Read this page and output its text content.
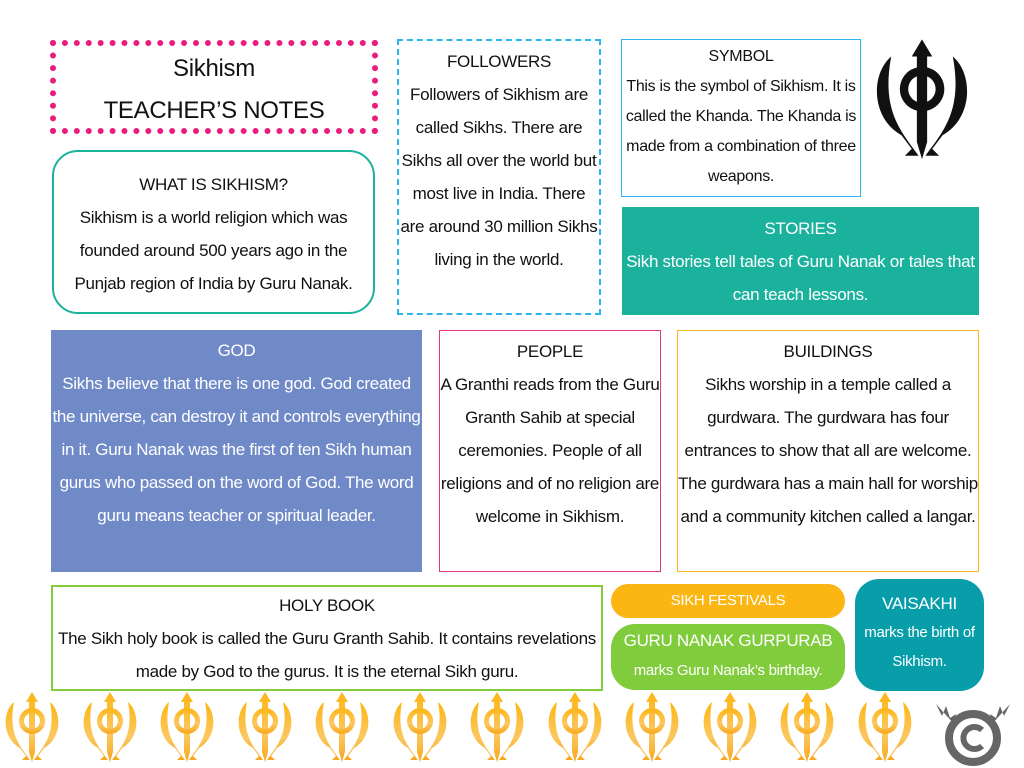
Sikhism
TEACHER’S NOTES
WHAT IS SIKHISM?
Sikhism is a world religion which was founded around 500 years ago in the Punjab region of India by Guru Nanak.
FOLLOWERS
Followers of Sikhism are called Sikhs. There are Sikhs all over the world but most live in India. There are around 30 million Sikhs living in the world.
SYMBOL
This is the symbol of Sikhism. It is called the Khanda. The Khanda is made from a combination of three weapons.
STORIES
Sikh stories tell tales of Guru Nanak or tales that can teach lessons.
GOD
Sikhs believe that there is one god. God created the universe, can destroy it and controls everything in it. Guru Nanak was the first of ten Sikh human gurus who passed on the word of God. The word guru means teacher or spiritual leader.
PEOPLE
A Granthi reads from the Guru Granth Sahib at special ceremonies. People of all religions and of no religion are welcome in Sikhism.
BUILDINGS
Sikhs worship in a temple called a gurdwara. The gurdwara has four entrances to show that all are welcome. The gurdwara has a main hall for worship and a community kitchen called a langar.
HOLY BOOK
The Sikh holy book is called the Guru Granth Sahib. It contains revelations made by God to the gurus. It is the eternal Sikh guru.
SIKH FESTIVALS
GURU NANAK GURPURAB
marks Guru Nanak’s birthday.
VAISAKHI
marks the birth of Sikhism.
